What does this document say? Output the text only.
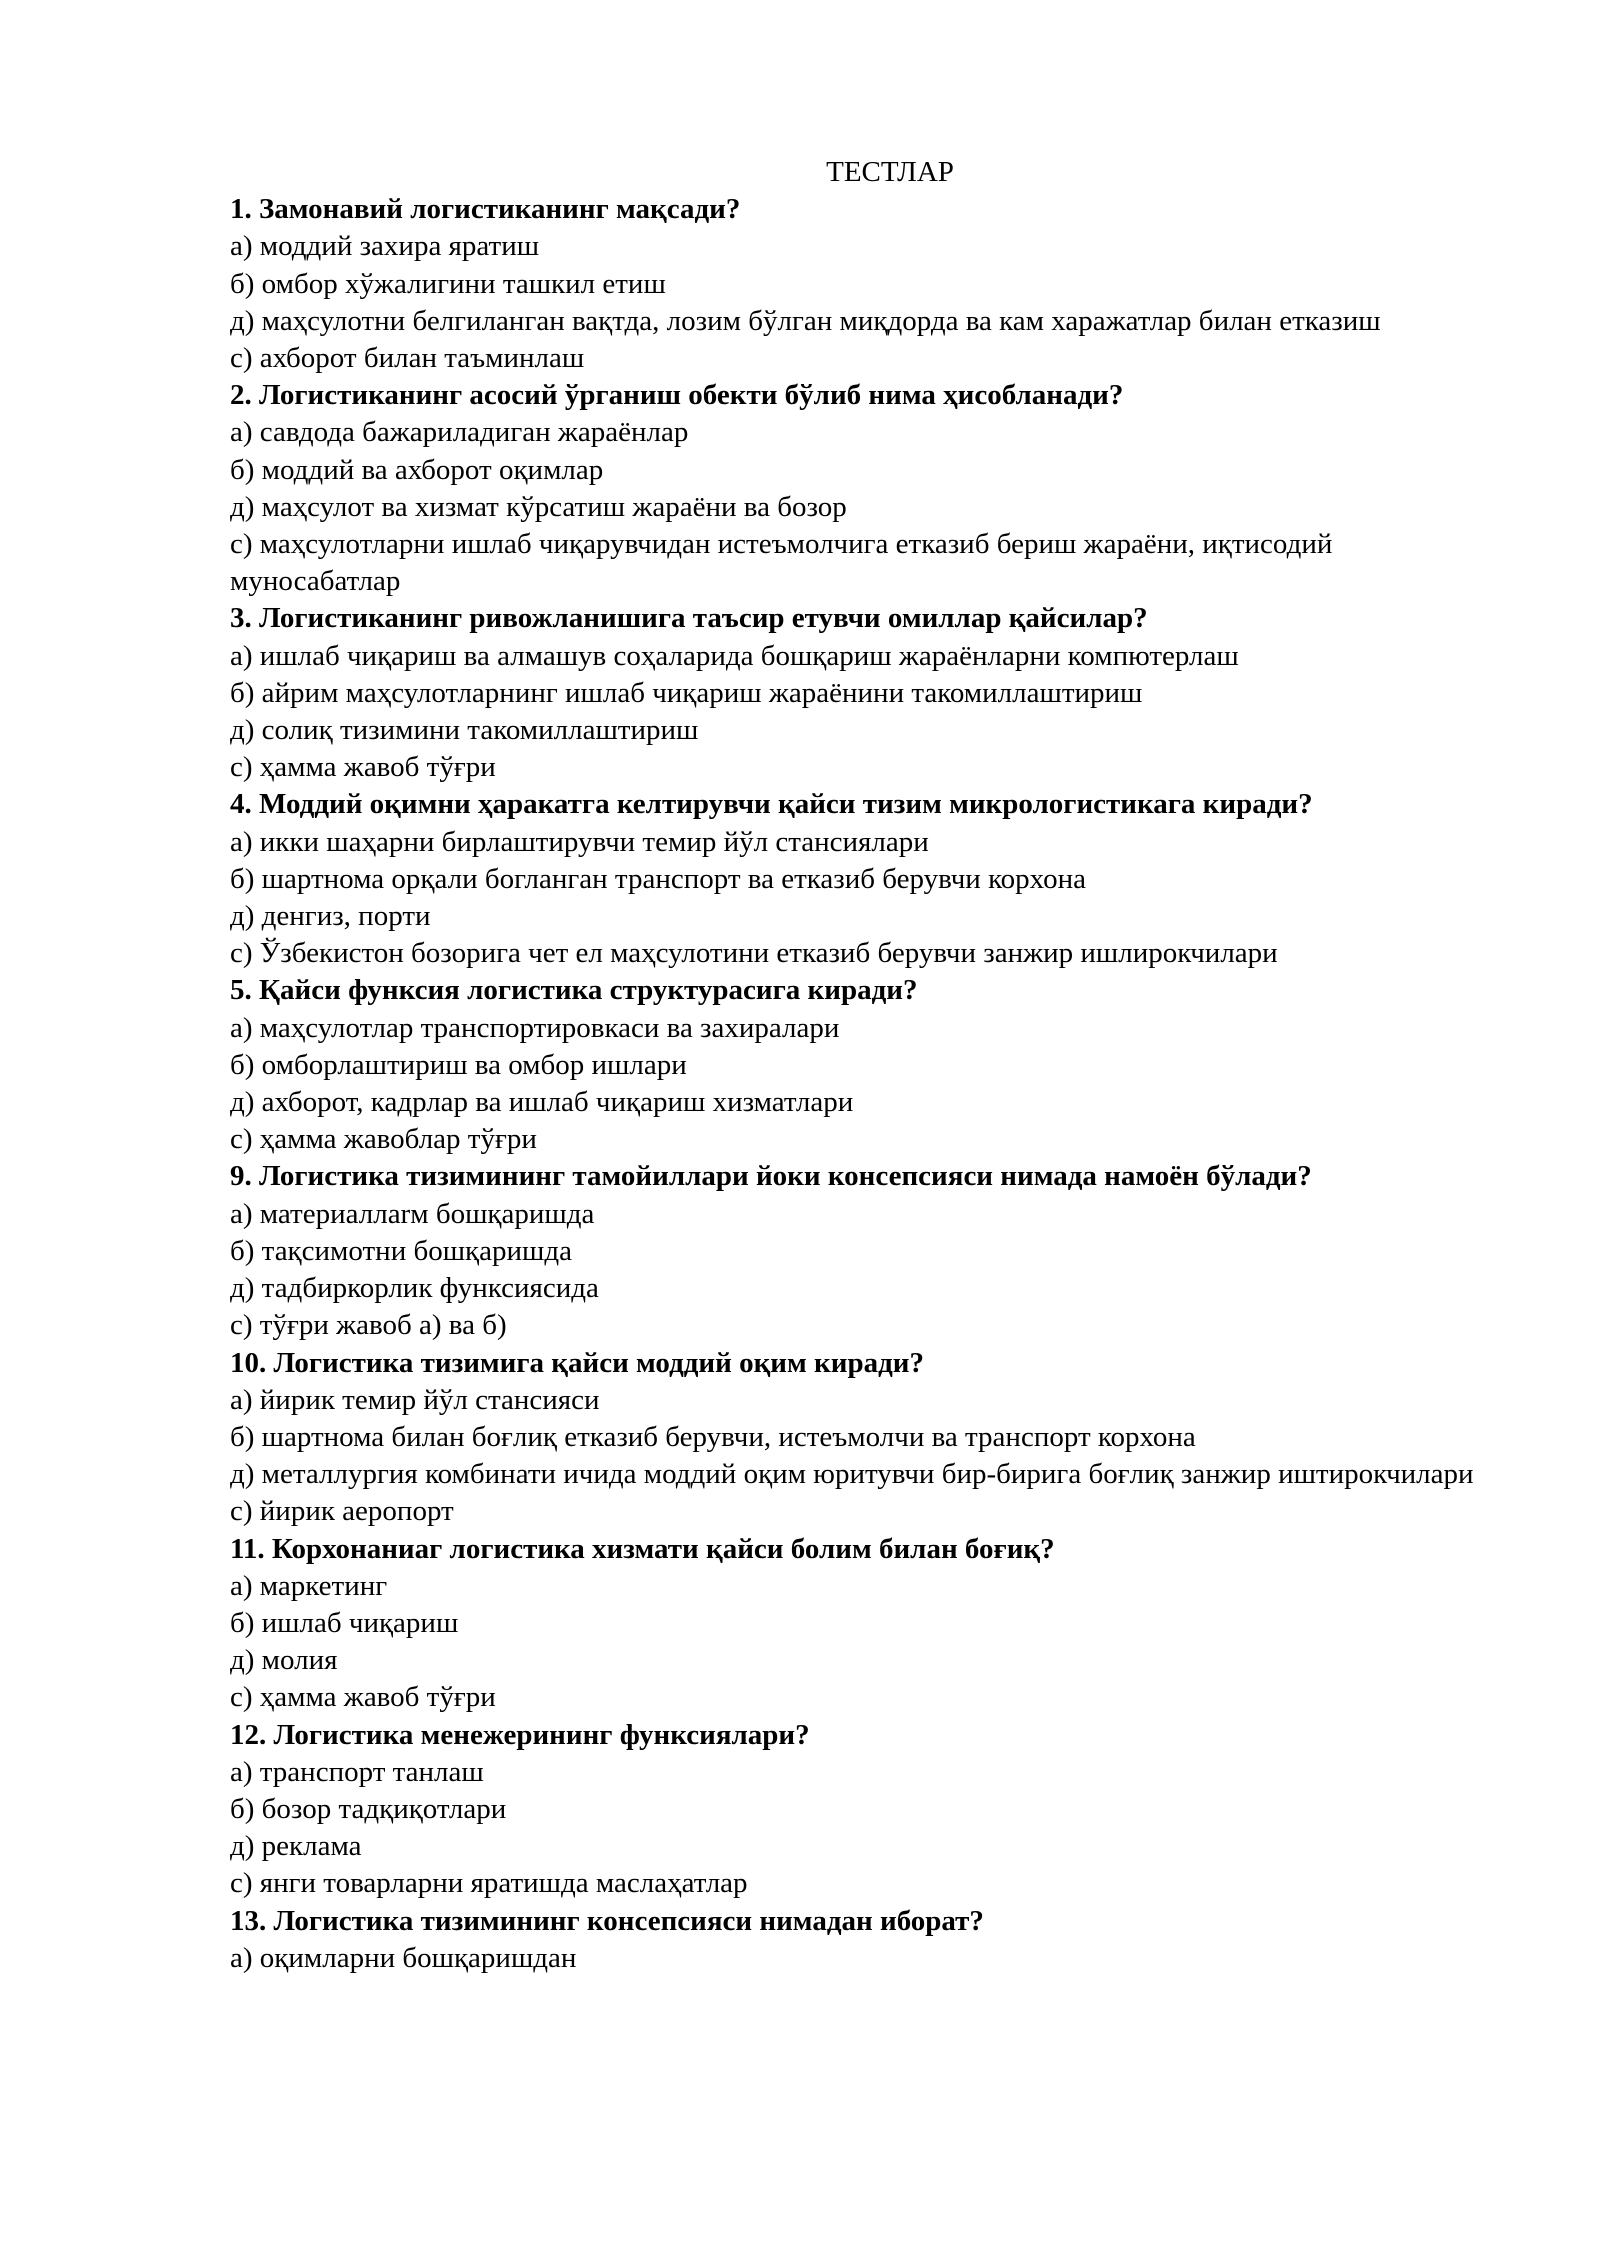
ТЕСТЛАР

1. Замонавий логистиканинг мақсади?

а) моддий захира яратиш

б) омбор хўжалигини ташкил етиш

д) маҳсулотни белгиланган вақтда, лозим бўлган миқдорда ва кам харажатлар билан етказиш

с) ахборот билан таъминлаш

2. Логистиканинг асосий ўрганиш обекти бўлиб нима ҳисобланади?

а) савдода бажариладиган жараёнлар

б) моддий ва ахборот оқимлар

д) маҳсулот ва хизмат кўрсатиш жараёни ва бозор

с) маҳсулотларни ишлаб чиқарувчидан истеъмолчига етказиб бериш жараёни, иқтисодий муносабатлар

3. Логистиканинг ривожланишига таъсир етувчи омиллар қайсилар?

а) ишлаб чиқариш ва алмашув соҳаларида бошқариш жараёнларни компютерлаш

б) айрим маҳсулотларнинг ишлаб чиқариш жараёнини такомиллаштириш

д) солиқ тизимини такомиллаштириш

с) ҳамма жавоб тўғри

4. Моддий оқимни ҳаракатга келтирувчи қайси тизим микрологистикага киради?

а) икки шаҳарни бирлаштирувчи темир йўл стансиялари

б) шартнома орқали богланган транспорт ва етказиб берувчи корхона

д) денгиз, порти

с) Ўзбекистон бозорига чет ел маҳсулотини етказиб берувчи занжир ишлирокчилари

5. Қайси функсия логистика структурасига киради?

а) маҳсулотлар транспортировкаси ва захиралари

б) омборлаштириш ва омбор ишлари

д) ахборот, кадрлар ва ишлаб чиқариш хизматлари

с) ҳамма жавоблар тўғри

9. Логистика тизимининг тамойиллари йоки консепсияси нимада намоён бўлади?

а) материаллarм бошқаришда

б) тақсимотни бошқаришда

д) тадбиркорлик функсиясида

с) тўғри жавоб а) ва б)

10. Логистика тизимига қайси моддий оқим киради?

а) йирик темир йўл стансияси

б) шартнома билан боғлиқ етказиб берувчи, истеъмолчи ва транспорт корхона

д) металлургия комбинати ичида моддий оқим юритувчи бир-бирига боғлиқ занжир иштирокчилари

с) йирик аеропорт

11. Корхонаниаг логистика хизмати қайси болим билан боғиқ?

а) маркетинг

б) ишлаб чиқариш

д) молия

с) ҳамма жавоб тўғри

12. Логистика менежерининг функсиялари?

а) транспорт танлаш

б) бозор тадқиқотлари

д) реклама

с) янги товарларни яратишда маслаҳатлар

13. Логистика тизимининг консепсияси нимадан иборат?

а) оқимларни бошқаришдан
